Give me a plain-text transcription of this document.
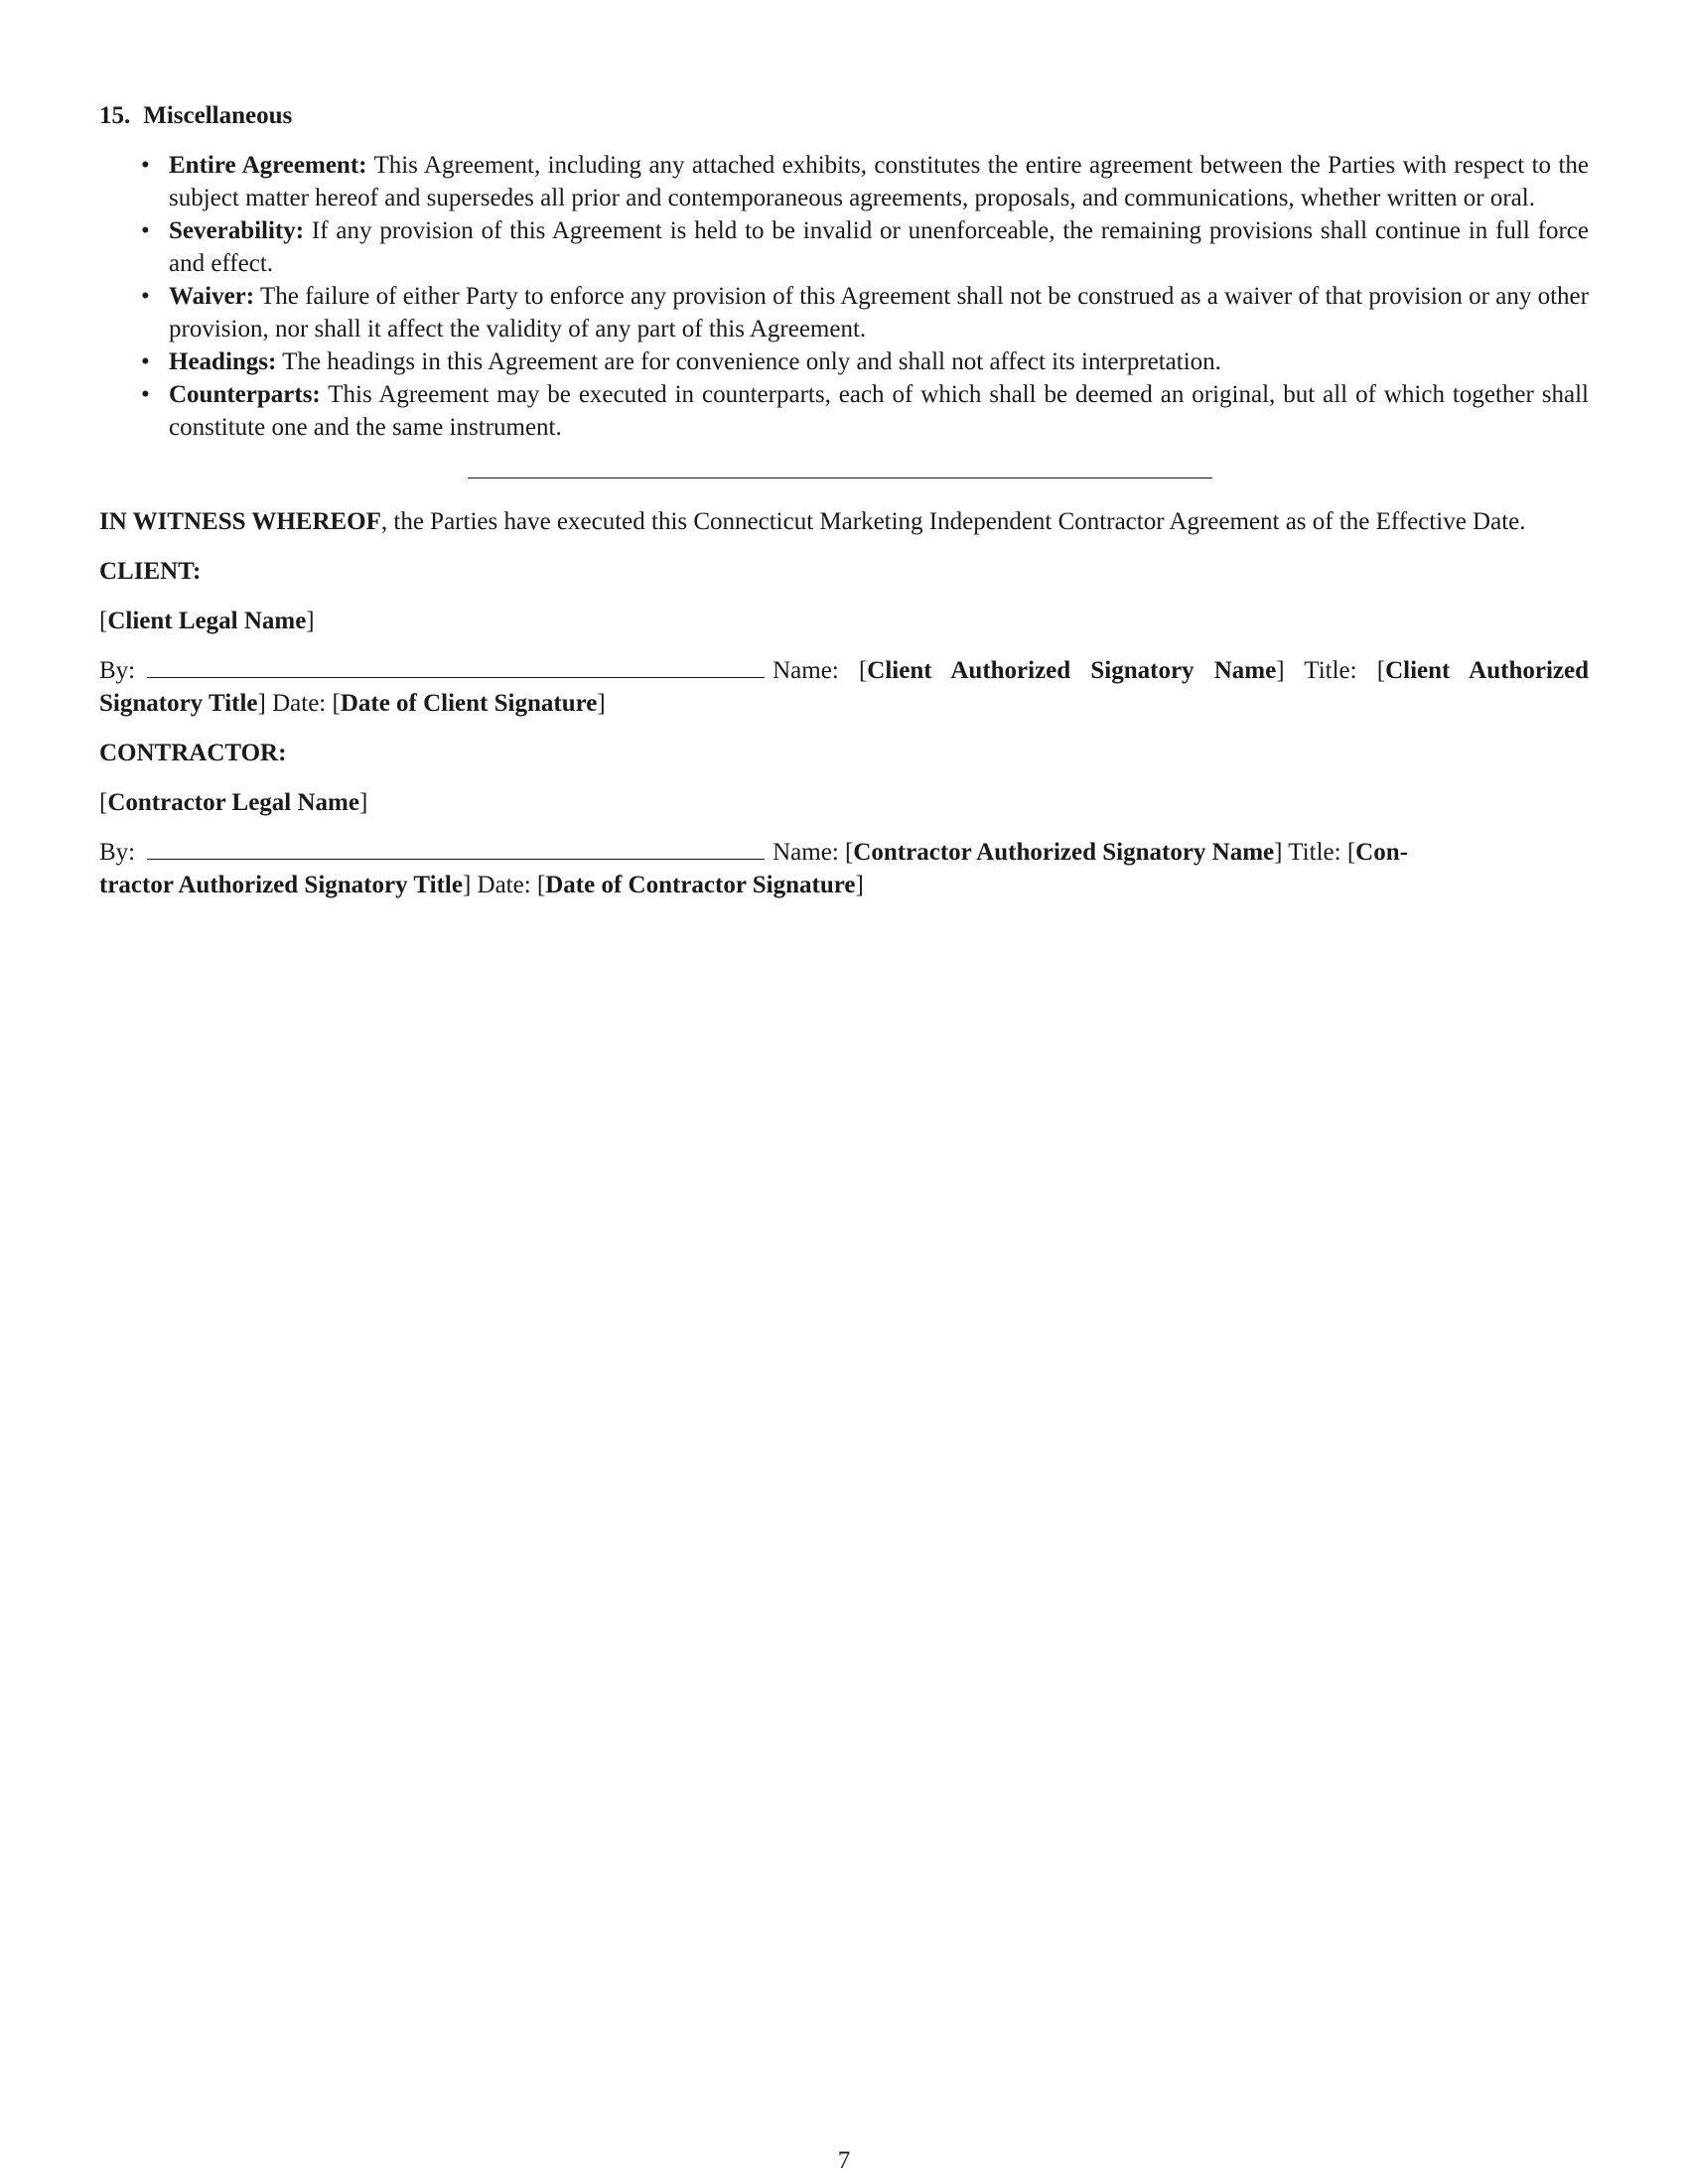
15. Miscellaneous
• Entire Agreement: This Agreement, including any attached exhibits, constitutes the entire agreement between the Parties with respect to the subject matter hereof and supersedes all prior and contemporaneous agreements, proposals, and communications, whether written or oral.
• Severability: If any provision of this Agreement is held to be invalid or unenforceable, the remaining provisions shall continue in full force and effect.
• Waiver: The failure of either Party to enforce any provision of this Agreement shall not be construed as a waiver of that provision or any other provision, nor shall it affect the validity of any part of this Agreement.
• Headings: The headings in this Agreement are for convenience only and shall not affect its interpretation.
• Counterparts: This Agreement may be executed in counterparts, each of which shall be deemed an original, but all of which together shall constitute one and the same instrument.

IN WITNESS WHEREOF, the Parties have executed this Connecticut Marketing Independent Contractor Agreement as of the Effective Date.

CLIENT:

[Client Legal Name]

By:	Name: [Client Authorized Signatory Name] Title: [Client Authorized Signatory Title] Date: [Date of Client Signature]

CONTRACTOR:

[Contractor Legal Name]

By:	Name: [Contractor Authorized Signatory Name] Title: [Con-
tractor Authorized Signatory Title] Date: [Date of Contractor Signature]

7
